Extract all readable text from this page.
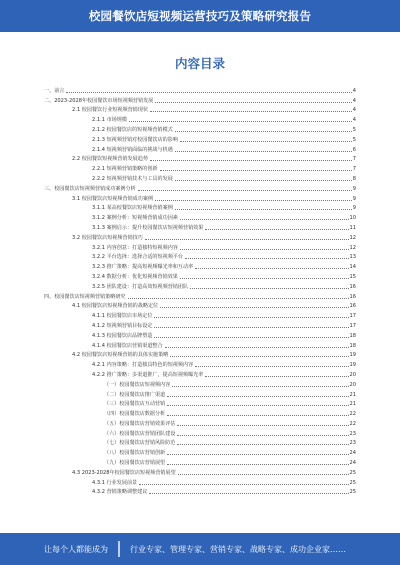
校园餐饮店短视频运营技巧及策略研究报告
内容目录
一、前言	4
二、2023-2028年校园餐饮市场短视频营销发展	4
2.1 校园餐饮行业短视频营销现状	4
2.1.1 市场规模	4
2.1.2 校园餐饮店的短视频营销模式	5
2.1.3 短视频营销对校园餐饮店的影响	5
2.1.4 短视频营销面临的挑战与机遇	6
2.2 校园餐饮短视频营销发展趋势	7
2.2.1 短视频营销策略的创新	7
2.2.2 短视频营销技术与工具的发展	8
三、校园餐饮店短视频营销成功案例分析	9
3.1 校园餐饮店短视频营销成功案例	9
3.1.1 某高校餐饮店短视频营销案例	9
3.1.2 案例分析：短视频营销成功因素	10
3.1.3 案例启示：提升校园餐饮店短视频营销效果	11
3.2 校园餐饮店短视频营销技巧	12
3.2.1 内容创意：打造独特短视频内容	12
3.2.2 平台选择：选择合适的短视频平台	13
3.2.3 推广策略：提高短视频曝光率和互动率	14
3.2.4 数据分析：优化短视频营销效果	15
3.2.5 团队建设：打造高效短视频营销团队	16
四、校园餐饮店短视频营销策略研究	16
4.1 校园餐饮店短视频营销的战略定位	16
4.1.1 校园餐饮店市场定位	17
4.1.2 短视频营销目标设定	17
4.1.3 校园餐饮店品牌塑造	18
4.1.4 校园餐饮店营销渠道整合	18
4.2 校园餐饮店短视频营销的具体实施策略	19
4.2.1 内容策略：打造独具特色的短视频内容	19
4.2.2 推广策略：多渠道推广，提高短视频曝光率	20
（一）校园餐饮店短视频内容	20
（二）校园餐饮店推广渠道	21
（三）校园餐饮店互动营销	21
（四）校园餐饮店数据分析	22
（五）校园餐饮店营销效果评估	22
（六）校园餐饮店营销团队建设	23
（七）校园餐饮店营销风险防范	23
（八）校园餐饮店营销创新	24
（九）校园餐饮店营销展望	24
4.3 2023-2028年校园餐饮店短视频营销展望	25
4.3.1 行业发展前景	25
4.3.2 营销策略调整建议	25
让每个人都能成为	行业专家、管理专家、营销专家、战略专家、成功企业家……
